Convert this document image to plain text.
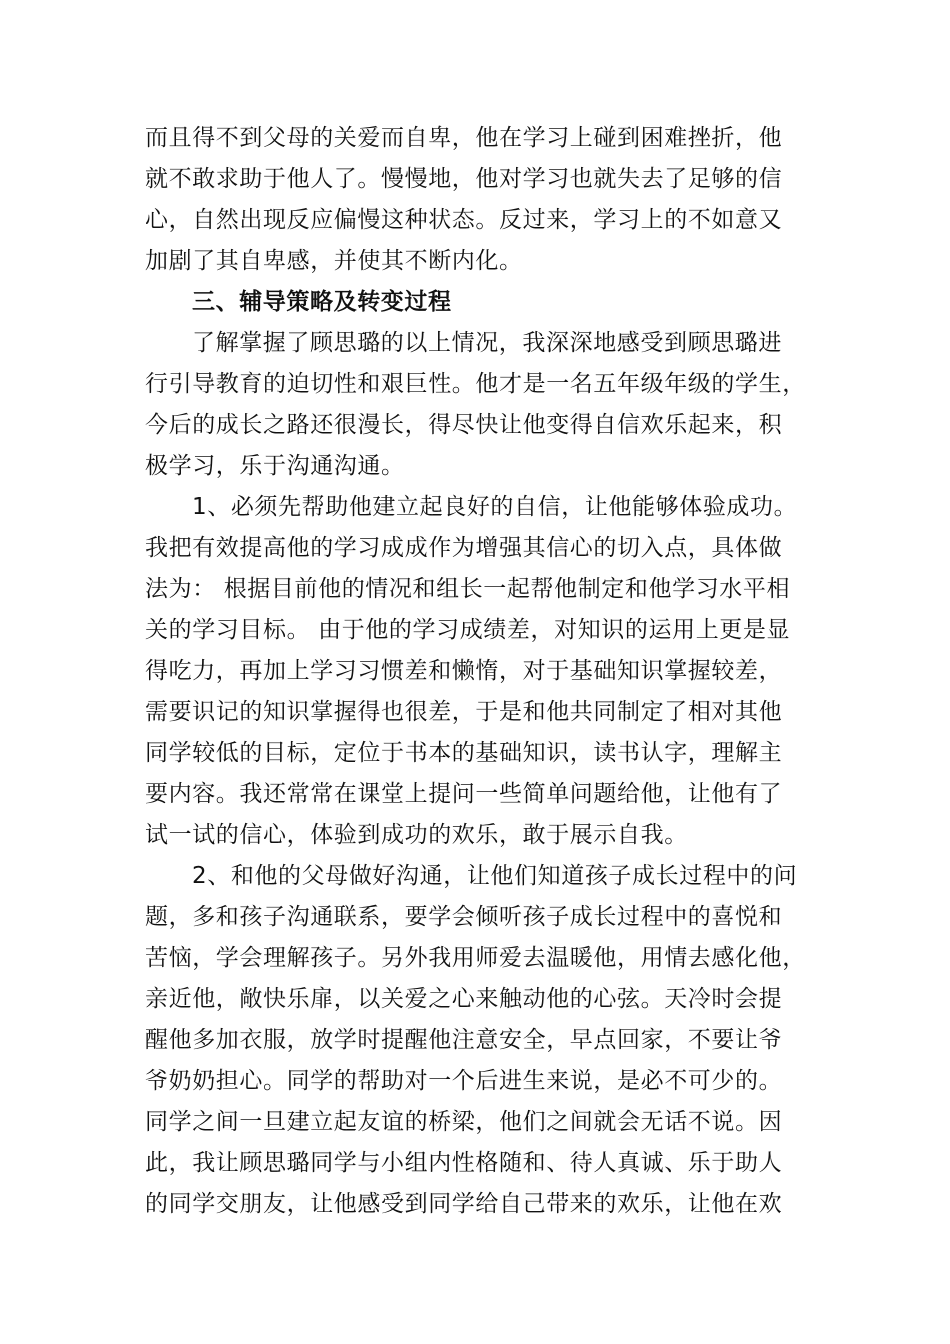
而且得不到父母的关爱而自卑，他在学习上碰到困难挫折，他
就不敢求助于他人了。慢慢地，他对学习也就失去了足够的信
心，自然出现反应偏慢这种状态。反过来，学习上的不如意又
加剧了其自卑感，并使其不断内化。
三、辅导策略及转变过程
了解掌握了顾思璐的以上情况，我深深地感受到顾思璐进
行引导教育的迫切性和艰巨性。他才是一名五年级年级的学生，
今后的成长之路还很漫长，得尽快让他变得自信欢乐起来，积
极学习，乐于沟通沟通。
1、必须先帮助他建立起良好的自信，让他能够体验成功。
我把有效提高他的学习成成作为增强其信心的切入点，具体做
法为： 根据目前他的情况和组长一起帮他制定和他学习水平相
关的学习目标。 由于他的学习成绩差，对知识的运用上更是显
得吃力，再加上学习习惯差和懒惰，对于基础知识掌握较差，
需要识记的知识掌握得也很差，于是和他共同制定了相对其他
同学较低的目标，定位于书本的基础知识，读书认字，理解主
要内容。我还常常在课堂上提问一些简单问题给他，让他有了
试一试的信心，体验到成功的欢乐，敢于展示自我。
2、和他的父母做好沟通，让他们知道孩子成长过程中的问
题，多和孩子沟通联系，要学会倾听孩子成长过程中的喜悦和
苦恼，学会理解孩子。另外我用师爱去温暖他，用情去感化他，
亲近他，敞快乐扉，以关爱之心来触动他的心弦。天冷时会提
醒他多加衣服，放学时提醒他注意安全，早点回家，不要让爷
爷奶奶担心。同学的帮助对一个后进生来说，是必不可少的。
同学之间一旦建立起友谊的桥梁，他们之间就会无话不说。因
此，我让顾思璐同学与小组内性格随和、待人真诚、乐于助人
的同学交朋友，让他感受到同学给自己带来的欢乐，让他在欢
